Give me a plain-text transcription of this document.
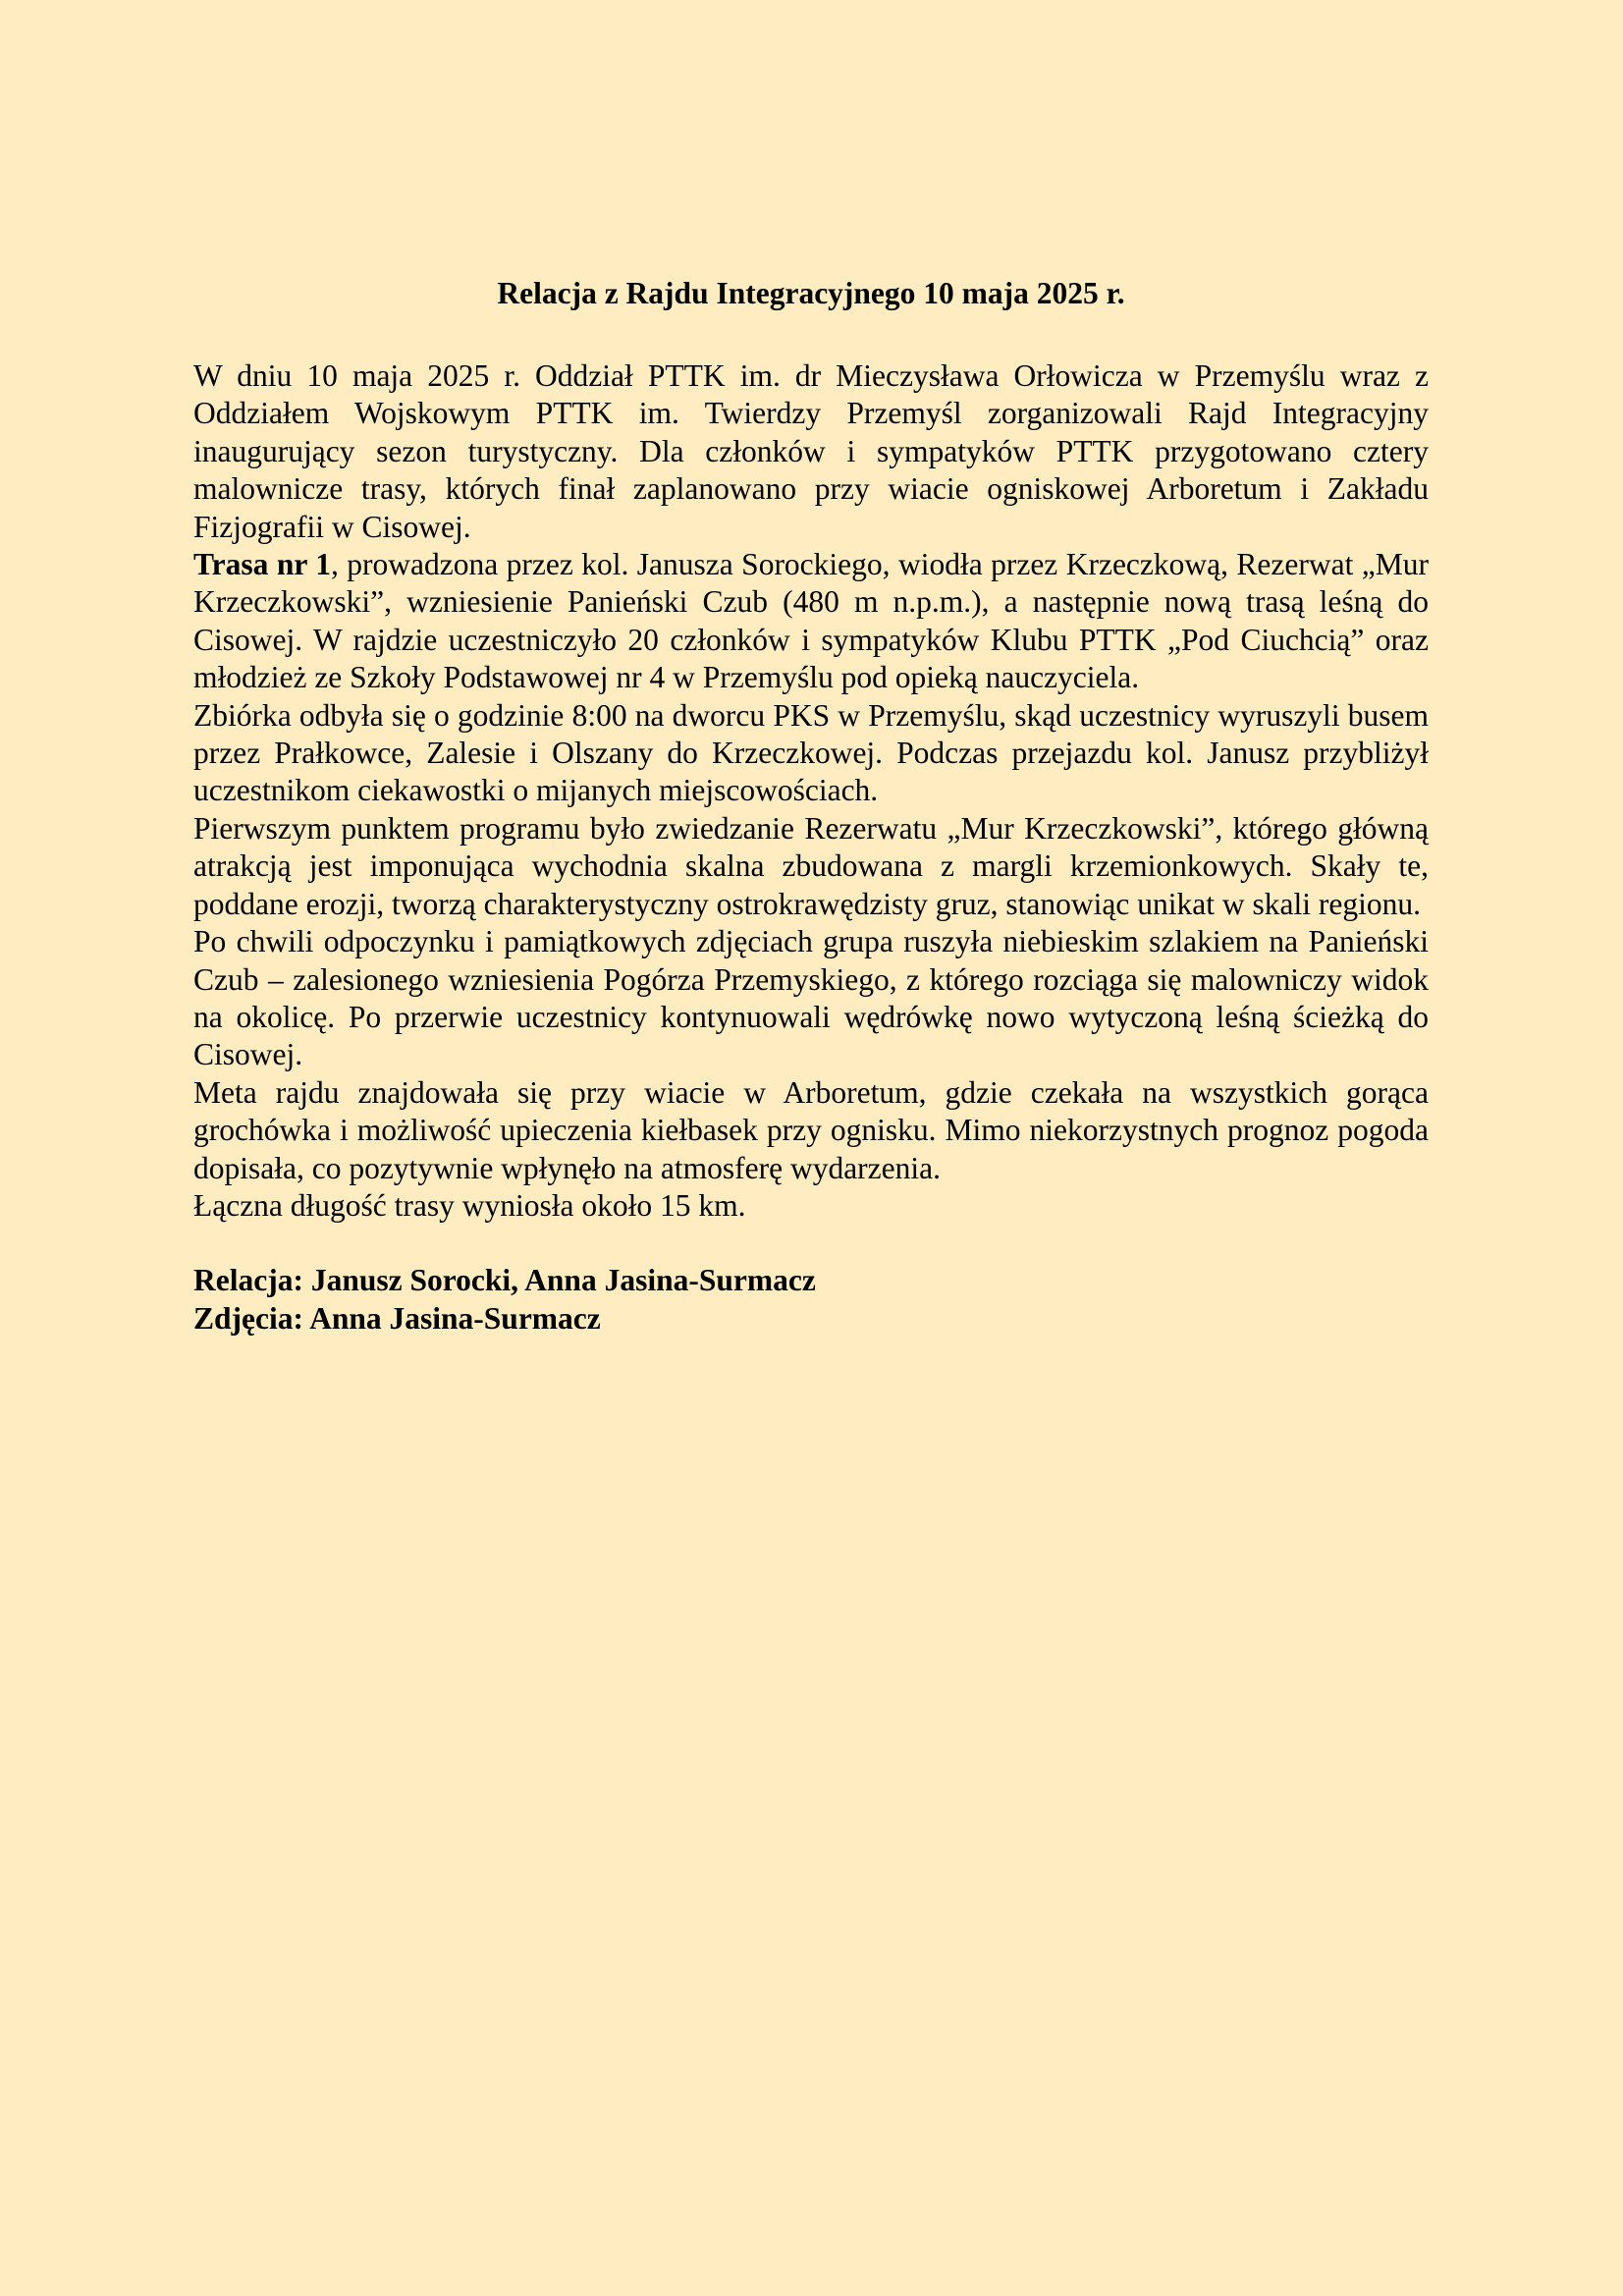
Relacja z Rajdu Integracyjnego 10 maja 2025 r.

W dniu 10 maja 2025 r. Oddział PTTK im. dr Mieczysława Orłowicza w Przemyślu wraz z Oddziałem Wojskowym PTTK im. Twierdzy Przemyśl zorganizowali Rajd Integracyjny inaugurujący sezon turystyczny. Dla członków i sympatyków PTTK przygotowano cztery malownicze trasy, których finał zaplanowano przy wiacie ogniskowej Arboretum i Zakładu Fizjografii w Cisowej.

Trasa nr 1, prowadzona przez kol. Janusza Sorockiego, wiodła przez Krzeczkową, Rezerwat „Mur Krzeczkowski”, wzniesienie Panieński Czub (480 m n.p.m.), a następnie nową trasą leśną do Cisowej. W rajdzie uczestniczyło 20 członków i sympatyków Klubu PTTK „Pod Ciuchcią” oraz młodzież ze Szkoły Podstawowej nr 4 w Przemyślu pod opieką nauczyciela.

Zbiórka odbyła się o godzinie 8:00 na dworcu PKS w Przemyślu, skąd uczestnicy wyruszyli busem przez Prałkowce, Zalesie i Olszany do Krzeczkowej. Podczas przejazdu kol. Janusz przybliżył uczestnikom ciekawostki o mijanych miejscowościach.

Pierwszym punktem programu było zwiedzanie Rezerwatu „Mur Krzeczkowski”, którego główną atrakcją jest imponująca wychodnia skalna zbudowana z margli krzemionkowych. Skały te, poddane erozji, tworzą charakterystyczny ostrokrawędzisty gruz, stanowiąc unikat w skali regionu.

Po chwili odpoczynku i pamiątkowych zdjęciach grupa ruszyła niebieskim szlakiem na Panieński Czub – zalesionego wzniesienia Pogórza Przemyskiego, z którego rozciąga się malowniczy widok na okolicę. Po przerwie uczestnicy kontynuowali wędrówkę nowo wytyczoną leśną ścieżką do Cisowej.

Meta rajdu znajdowała się przy wiacie w Arboretum, gdzie czekała na wszystkich gorąca grochówka i możliwość upieczenia kiełbasek przy ognisku. Mimo niekorzystnych prognoz pogoda dopisała, co pozytywnie wpłynęło na atmosferę wydarzenia.

Łączna długość trasy wyniosła około 15 km.

Relacja: Janusz Sorocki, Anna Jasina-Surmacz
Zdjęcia: Anna Jasina-Surmacz
